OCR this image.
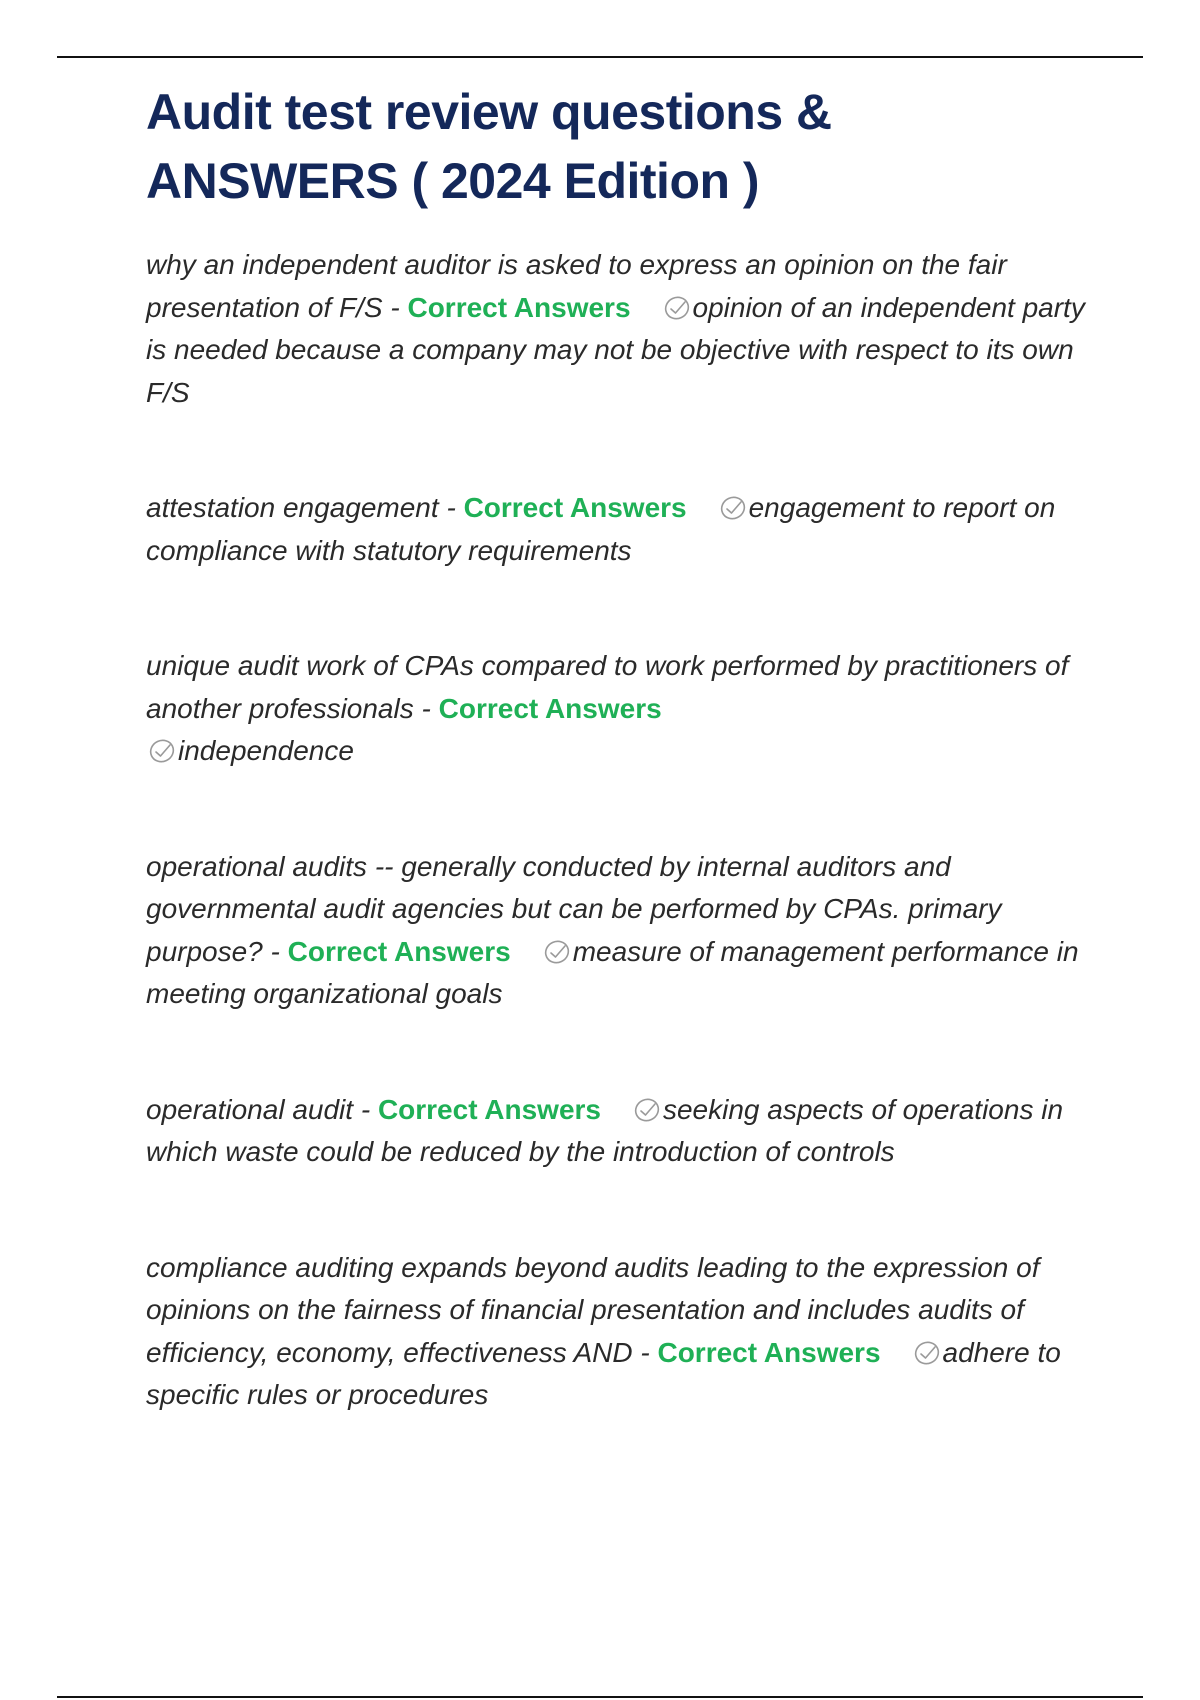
Audit test review questions &
ANSWERS ( 2024 Edition )

why an independent auditor is asked to express an opinion on the fair presentation of F/S - Correct Answers opinion of an independent party is needed because a company may not be objective with respect to its own F/S

attestation engagement - Correct Answers engagement to report on compliance with statutory requirements

unique audit work of CPAs compared to work performed by practitioners of another professionals - Correct Answers

independence

operational audits -- generally conducted by internal auditors and governmental audit agencies but can be performed by CPAs. primary purpose? - Correct Answers measure of management performance in meeting organizational goals

operational audit - Correct Answers seeking aspects of operations in which waste could be reduced by the introduction of controls

compliance auditing expands beyond audits leading to the expression of opinions on the fairness of financial presentation and includes audits of efficiency, economy, effectiveness AND - Correct Answers adhere to specific rules or procedures
